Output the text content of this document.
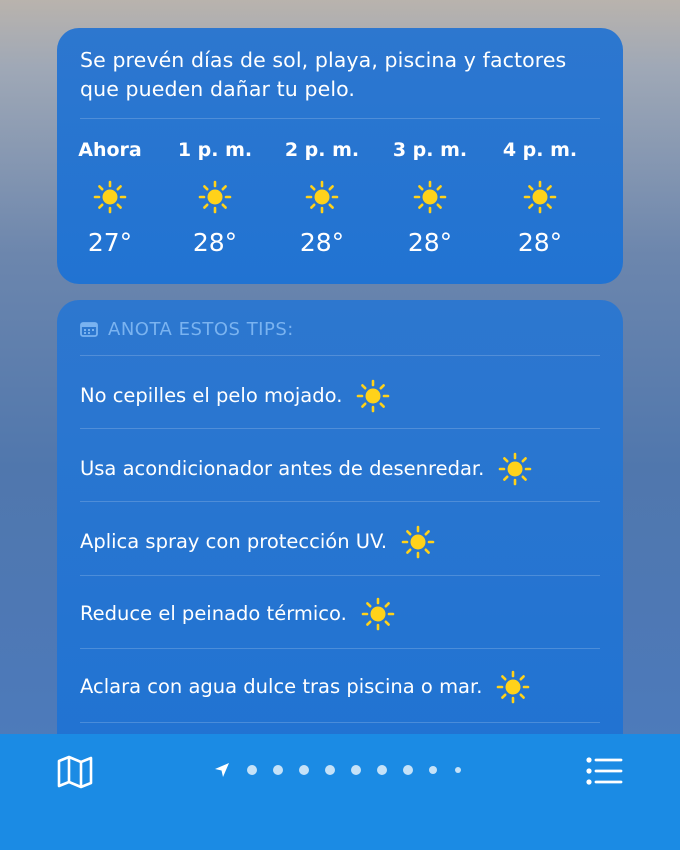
Se prevén días de sol, playa, piscina y factores que pueden dañar tu pelo.
Ahora
27°
1 p. m.
28°
2 p. m.
28°
3 p. m.
28°
4 p. m.
28°
ANOTA ESTOS TIPS:
No cepilles el pelo mojado.
Usa acondicionador antes de desenredar.
Aplica spray con protección UV.
Reduce el peinado térmico.
Aclara con agua dulce tras piscina o mar.
